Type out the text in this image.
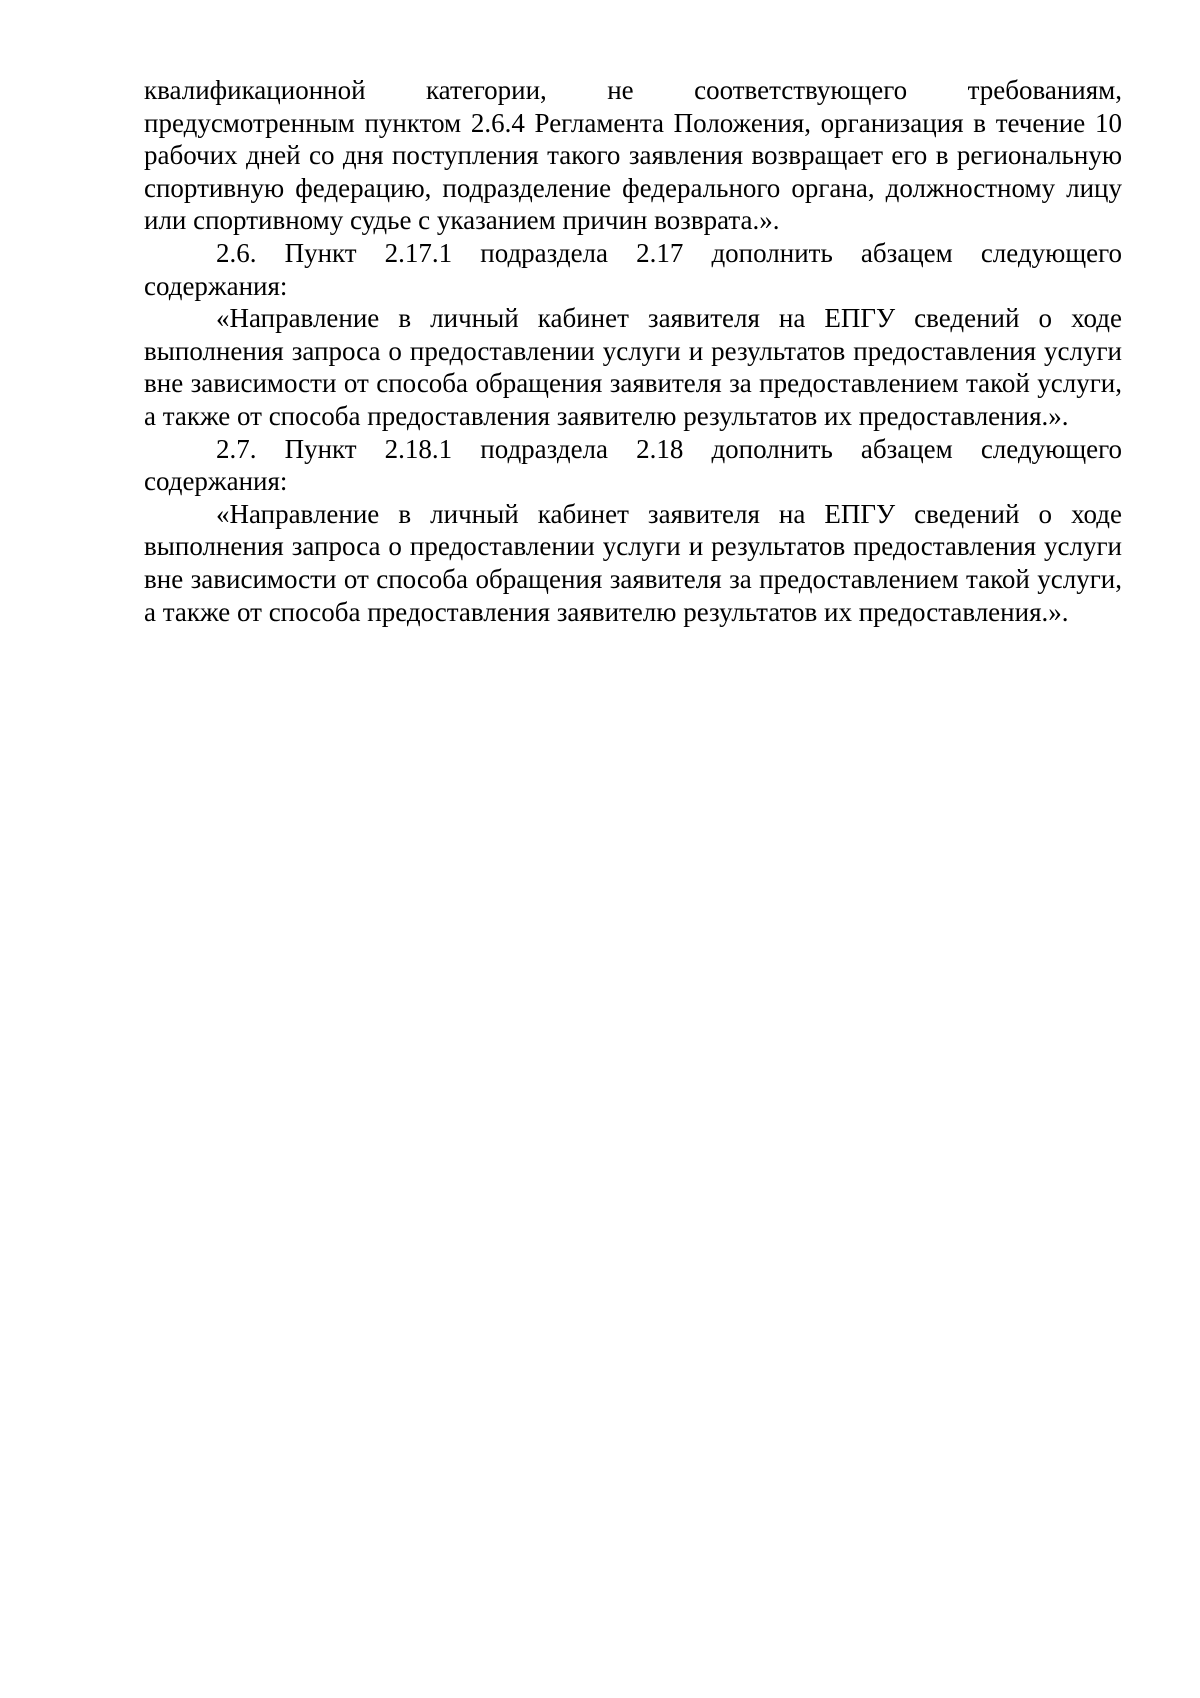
квалификационной категории, не соответствующего требованиям, предусмотренным пунктом 2.6.4 Регламента Положения, организация в течение 10 рабочих дней со дня поступления такого заявления возвращает его в региональную спортивную федерацию, подразделение федерального органа, должностному лицу или спортивному судье с указанием причин возврата.».

2.6. Пункт 2.17.1 подраздела 2.17 дополнить абзацем следующего содержания:

«Направление в личный кабинет заявителя на ЕПГУ сведений о ходе выполнения запроса о предоставлении услуги и результатов предоставления услуги вне зависимости от способа обращения заявителя за предоставлением такой услуги, а также от способа предоставления заявителю результатов их предоставления.».

2.7. Пункт 2.18.1 подраздела 2.18 дополнить абзацем следующего содержания:

«Направление в личный кабинет заявителя на ЕПГУ сведений о ходе выполнения запроса о предоставлении услуги и результатов предоставления услуги вне зависимости от способа обращения заявителя за предоставлением такой услуги, а также от способа предоставления заявителю результатов их предоставления.».
